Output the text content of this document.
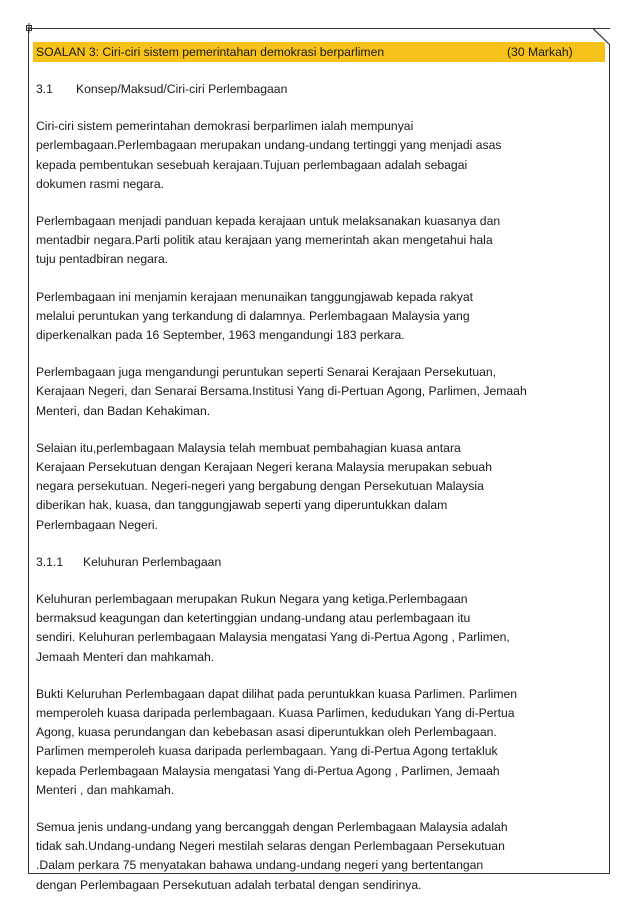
SOALAN 3: Ciri-ciri sistem pemerintahan demokrasi berparlimen	(30 Markah)
3.1 Konsep/Maksud/Ciri-ciri Perlembagaan
Ciri-ciri sistem pemerintahan demokrasi berparlimen ialah mempunyai
perlembagaan.Perlembagaan merupakan undang-undang tertinggi yang menjadi asas
kepada pembentukan sesebuah kerajaan.Tujuan perlembagaan adalah sebagai
dokumen rasmi negara.
Perlembagaan menjadi panduan kepada kerajaan untuk melaksanakan kuasanya dan
mentadbir negara.Parti politik atau kerajaan yang memerintah akan mengetahui hala
tuju pentadbiran negara.
Perlembagaan ini menjamin kerajaan menunaikan tanggungjawab kepada rakyat
melalui peruntukan yang terkandung di dalamnya. Perlembagaan Malaysia yang
diperkenalkan pada 16 September, 1963 mengandungi 183 perkara.
Perlembagaan juga mengandungi peruntukan seperti Senarai Kerajaan Persekutuan,
Kerajaan Negeri, dan Senarai Bersama.Institusi Yang di-Pertuan Agong, Parlimen, Jemaah
Menteri, dan Badan Kehakiman.
Selaian itu,perlembagaan Malaysia telah membuat pembahagian kuasa antara
Kerajaan Persekutuan dengan Kerajaan Negeri kerana Malaysia merupakan sebuah
negara persekutuan. Negeri-negeri yang bergabung dengan Persekutuan Malaysia
diberikan hak, kuasa, dan tanggungjawab seperti yang diperuntukkan dalam
Perlembagaan Negeri.
3.1.1 Keluhuran Perlembagaan
Keluhuran perlembagaan merupakan Rukun Negara yang ketiga.Perlembagaan
bermaksud keagungan dan ketertinggian undang-undang atau perlembagaan itu
sendiri. Keluhuran perlembagaan Malaysia mengatasi Yang di-Pertua Agong , Parlimen,
Jemaah Menteri dan mahkamah.
Bukti Keluruhan Perlembagaan dapat dilihat pada peruntukkan kuasa Parlimen. Parlimen
memperoleh kuasa daripada perlembagaan. Kuasa Parlimen, kedudukan Yang di-Pertua
Agong, kuasa perundangan dan kebebasan asasi diperuntukkan oleh Perlembagaan.
Parlimen memperoleh kuasa daripada perlembagaan. Yang di-Pertua Agong tertakluk
kepada Perlembagaan Malaysia mengatasi Yang di-Pertua Agong , Parlimen, Jemaah
Menteri , dan mahkamah.
Semua jenis undang-undang yang bercanggah dengan Perlembagaan Malaysia adalah
tidak sah.Undang-undang Negeri mestilah selaras dengan Perlembagaan Persekutuan
.Dalam perkara 75 menyatakan bahawa undang-undang negeri yang bertentangan
dengan Perlembagaan Persekutuan adalah terbatal dengan sendirinya.
